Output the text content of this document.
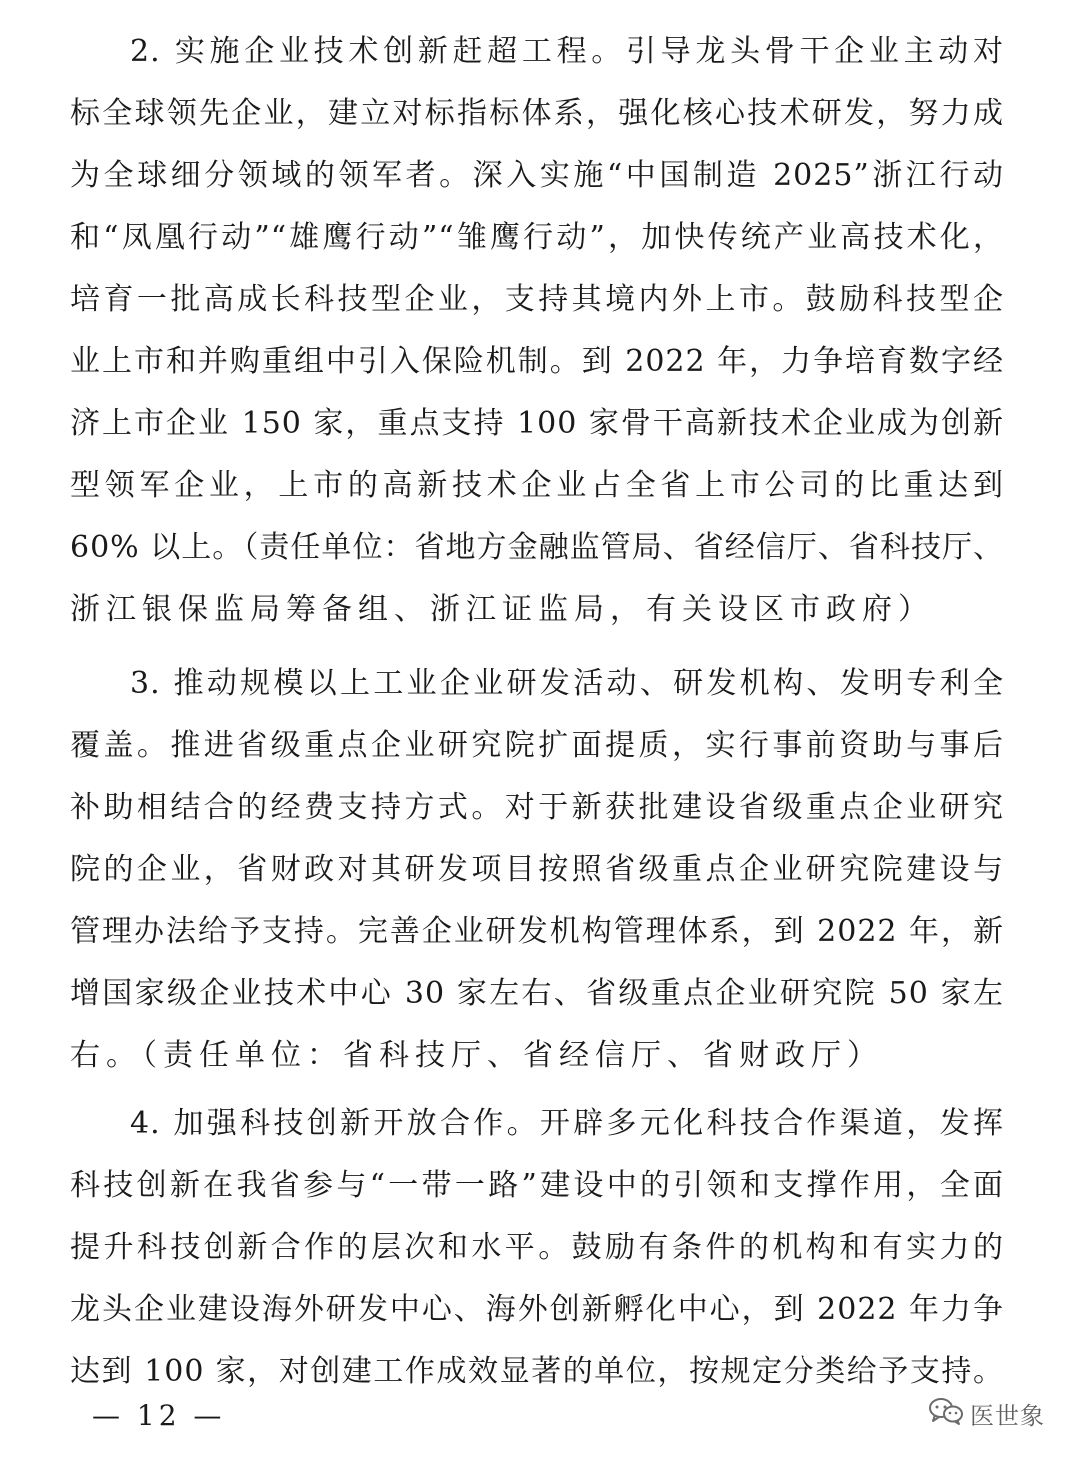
2. 实施企业技术创新赶超工程。引导龙头骨干企业主动对
标全球领先企业，建立对标指标体系，强化核心技术研发，努力成
为全球细分领域的领军者。深入实施“中国制造 2025”浙江行动
和“凤凰行动”“雄鹰行动”“雏鹰行动”，加快传统产业高技术化，
培育一批高成长科技型企业，支持其境内外上市。鼓励科技型企
业上市和并购重组中引入保险机制。到 2022 年，力争培育数字经
济上市企业 150 家，重点支持 100 家骨干高新技术企业成为创新
型领军企业，上市的高新技术企业占全省上市公司的比重达到
60% 以上。（责任单位：省地方金融监管局、省经信厅、省科技厅、
浙江银保监局筹备组、浙江证监局，有关设区市政府）
3. 推动规模以上工业企业研发活动、研发机构、发明专利全
覆盖。推进省级重点企业研究院扩面提质，实行事前资助与事后
补助相结合的经费支持方式。对于新获批建设省级重点企业研究
院的企业，省财政对其研发项目按照省级重点企业研究院建设与
管理办法给予支持。完善企业研发机构管理体系，到 2022 年，新
增国家级企业技术中心 30 家左右、省级重点企业研究院 50 家左
右。（责任单位：省科技厅、省经信厅、省财政厅）
4. 加强科技创新开放合作。开辟多元化科技合作渠道，发挥
科技创新在我省参与“一带一路”建设中的引领和支撑作用，全面
提升科技创新合作的层次和水平。鼓励有条件的机构和有实力的
龙头企业建设海外研发中心、海外创新孵化中心，到 2022 年力争
达到 100 家，对创建工作成效显著的单位，按规定分类给予支持。
— 12 —	医世象
